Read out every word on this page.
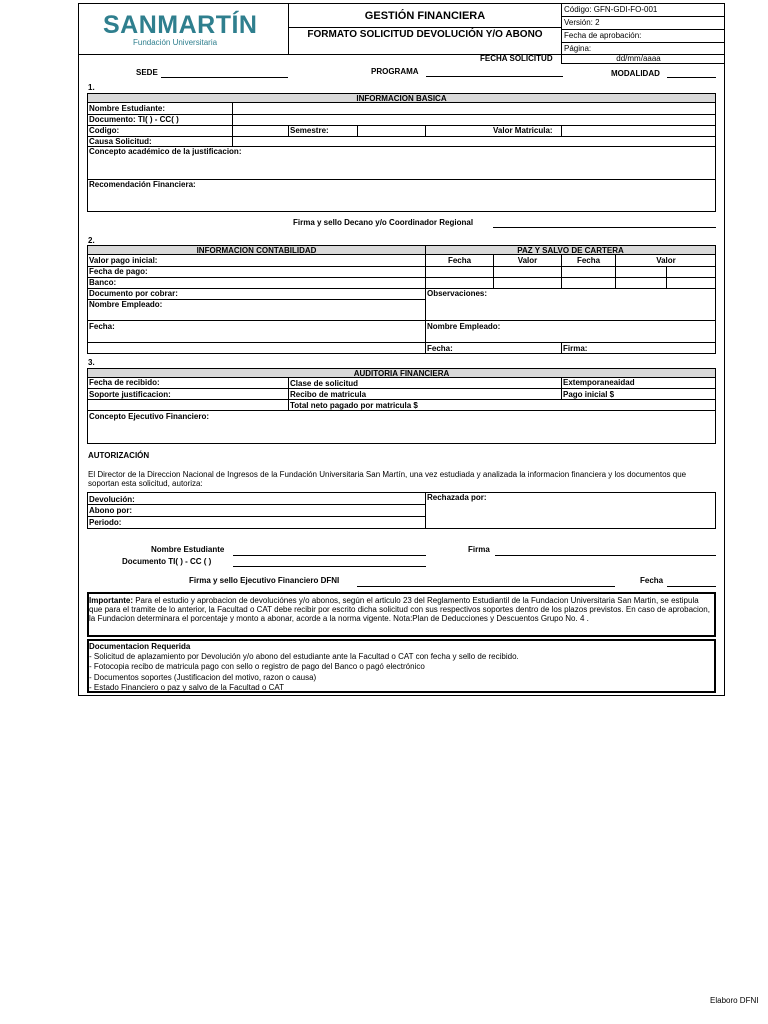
SANMARTÍN
Fundación Universitaria
GESTIÓN FINANCIERA
FORMATO SOLICITUD DEVOLUCIÓN Y/O ABONO
Código: GFN-GDI-FO-001
Versión: 2
Fecha de aprobación:
Página:
FECHA SOLICITUD	dd/mm/aaaa
SEDE	PROGRAMA	MODALIDAD
1.
INFORMACION BASICA
Nombre Estudiante:
Documento: TI( ) - CC( )
Codigo:	Semestre:	Valor Matricula:
Causa Solicitud:
Concepto académico de la justificacion:
Recomendación Financiera:
Firma y sello Decano y/o Coordinador Regional
2.
INFORMACION CONTABILIDAD	PAZ Y SALVO DE CARTERA
Fecha	Valor	Fecha	Valor
Valor pago inicial:
Fecha de pago:
Banco:
Documento por cobrar:	Observaciones:
Nombre Empleado:
Fecha:	Nombre Empleado:
Fecha:	Firma:
3.
AUDITORIA FINANCIERA
Fecha de recibido:	Clase de solicitud	Extemporaneaidad
Soporte justificacion:	Recibo de matricula	Pago inicial $
Total neto pagado por matricula $
Concepto Ejecutivo Financiero:
AUTORIZACIÓN
El Director de la Direccion Nacional de Ingresos de la Fundación Universitaria San Martín, una vez estudiada y analizada la informacion financiera y los documentos que soportan esta solicitud, autoriza:
Devolución:
Abono por:
Periodo:
Rechazada por:
Nombre Estudiante
Documento TI( ) - CC ( )
Firma
Firma y sello Ejecutivo Financiero DFNI	Fecha
Importante: Para el estudio y aprobacion de devoluciónes y/o abonos, según el articulo 23 del Reglamento Estudiantil de la Fundacion Universitaria San Martin, se estipula que para el tramite de lo anterior, la Facultad o CAT debe recibir por escrito dicha solicitud con sus respectivos soportes dentro de los plazos previstos. En caso de aprobacion, la Fundacion determinara el porcentaje y monto a abonar, acorde a la norma vigente. Nota:Plan de Deducciones y Descuentos Grupo No. 4 .
Documentacion Requerida
- Solicitud de aplazamiento por Devolución y/o abono del estudiante ante la Facultad o CAT con fecha y sello de recibido.
- Fotocopia recibo de matricula pago con sello o registro de pago del Banco o pagó electrónico
- Documentos soportes (Justificacion del motivo, razon o causa)
- Estado Financiero o paz y salvo de la Facultad o CAT
Elaboro DFNI
